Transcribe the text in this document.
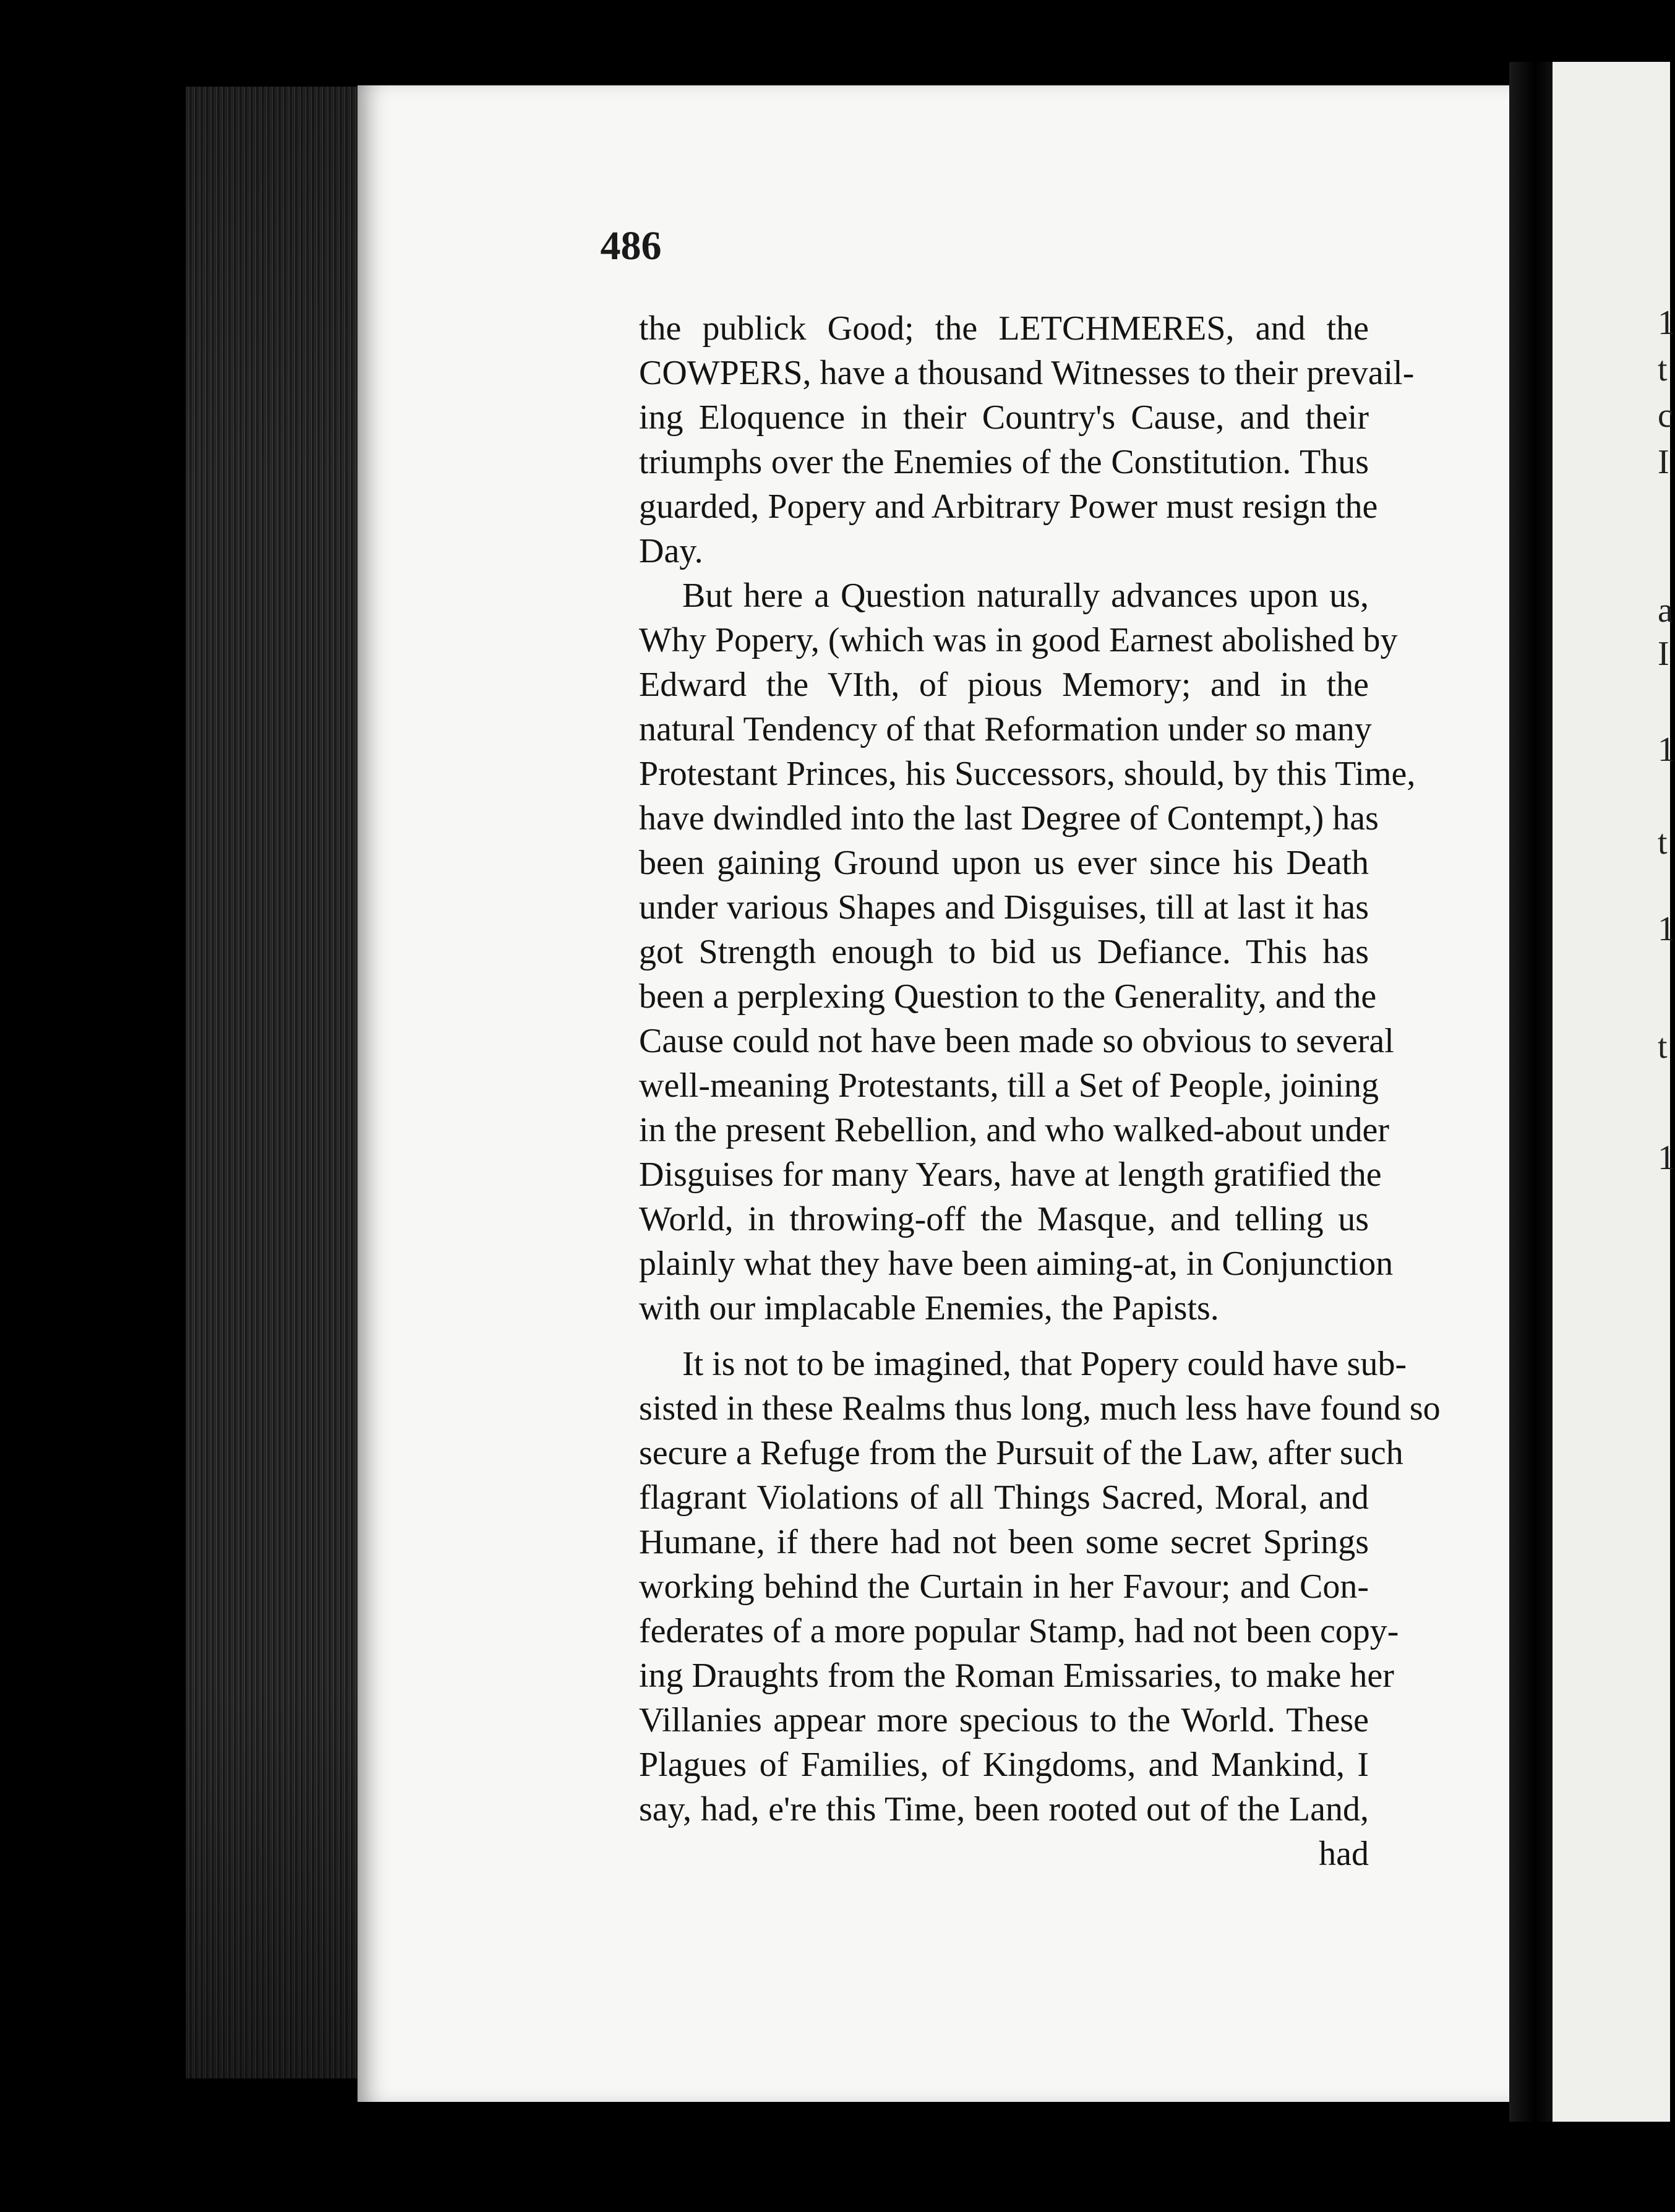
1
t
c
I
a
I
1
t
1
t
1
486
the publick Good; the LETCHMERES, and the
COWPERS, have a thousand Witnesses to their prevail-
ing Eloquence in their Country's Cause, and their
triumphs over the Enemies of the Constitution. Thus
guarded, Popery and Arbitrary Power must resign the
Day.
But here a Question naturally advances upon us,
Why Popery, (which was in good Earnest abolished by
Edward the VIth, of pious Memory; and in the
natural Tendency of that Reformation under so many
Protestant Princes, his Successors, should, by this Time,
have dwindled into the last Degree of Contempt,) has
been gaining Ground upon us ever since his Death
under various Shapes and Disguises, till at last it has
got Strength enough to bid us Defiance. This has
been a perplexing Question to the Generality, and the
Cause could not have been made so obvious to several
well-meaning Protestants, till a Set of People, joining
in the present Rebellion, and who walked-about under
Disguises for many Years, have at length gratified the
World, in throwing-off the Masque, and telling us
plainly what they have been aiming-at, in Conjunction
with our implacable Enemies, the Papists.
It is not to be imagined, that Popery could have sub-
sisted in these Realms thus long, much less have found so
secure a Refuge from the Pursuit of the Law, after such
flagrant Violations of all Things Sacred, Moral, and
Humane, if there had not been some secret Springs
working behind the Curtain in her Favour; and Con-
federates of a more popular Stamp, had not been copy-
ing Draughts from the Roman Emissaries, to make her
Villanies appear more specious to the World. These
Plagues of Families, of Kingdoms, and Mankind, I
say, had, e're this Time, been rooted out of the Land,
had
